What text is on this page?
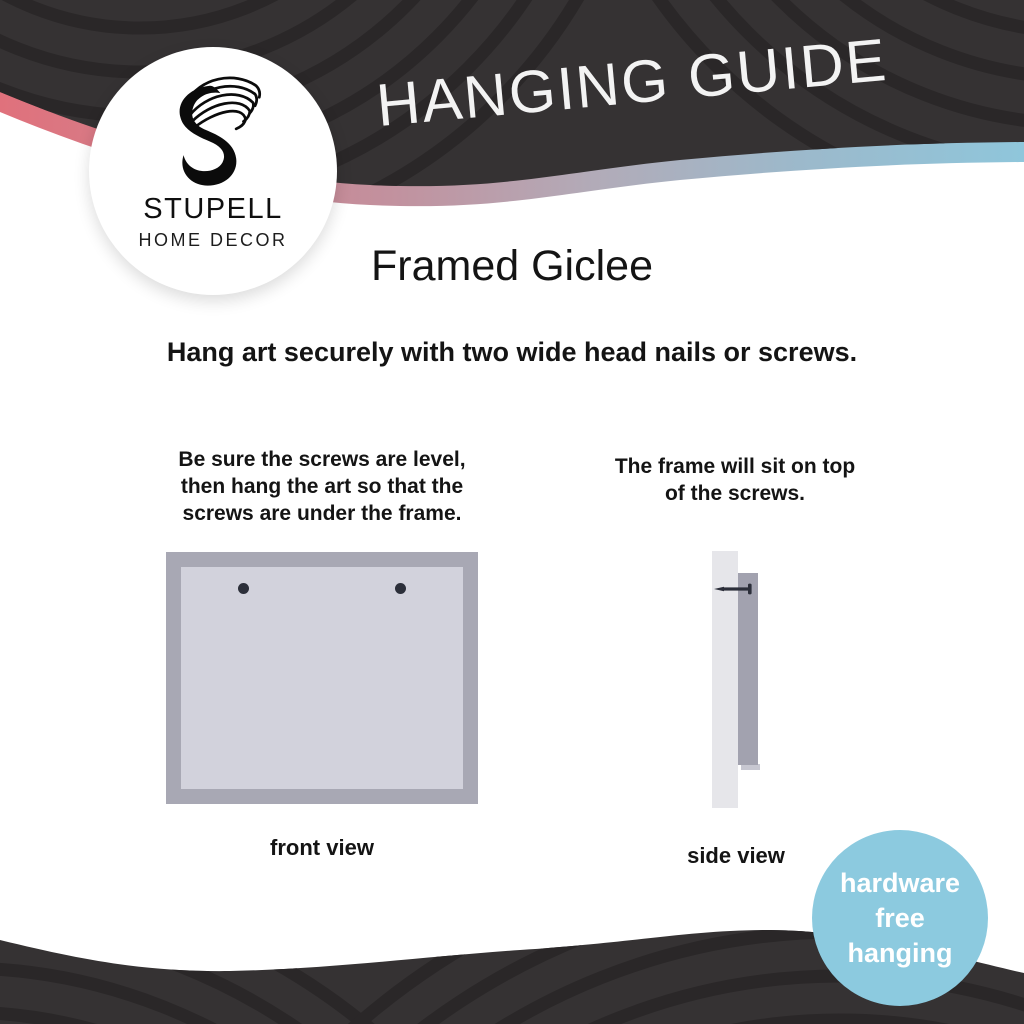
HANGING GUIDE
STUPELL
HOME DECOR
Framed Giclee
Hang art securely with two wide head nails or screws.
Be sure the screws are level,
then hang the art so that the
screws are under the frame.
front view
The frame will sit on top
of the screws.
side view
hardware
free
hanging
